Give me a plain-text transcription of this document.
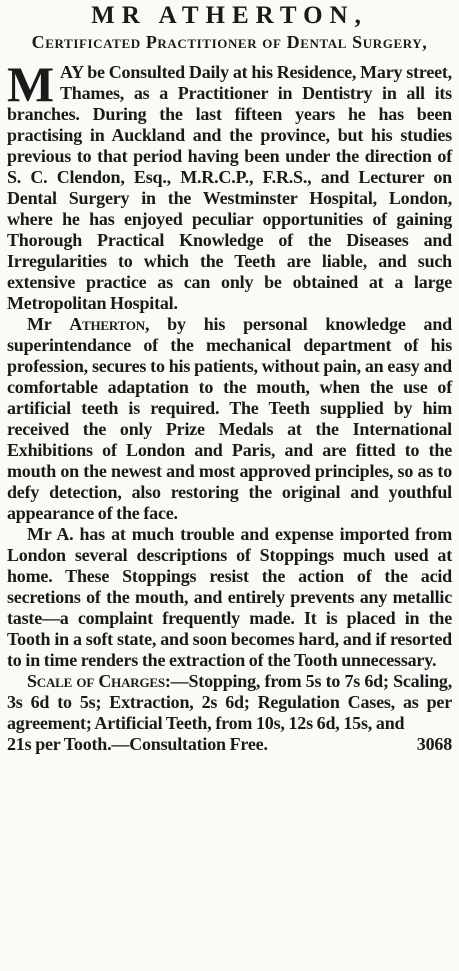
MR ATHERTON,
Certificated Practitioner of Dental Surgery,

MAY be Consulted Daily at his Residence, Mary street, Thames, as a Practitioner in Dentistry in all its branches. During the last fifteen years he has been practising in Auckland and the province, but his studies previous to that period having been under the direction of S. C. Clendon, Esq., M.R.C.P., F.R.S., and Lecturer on Dental Surgery in the Westminster Hospital, London, where he has enjoyed peculiar opportunities of gaining Thorough Practical Knowledge of the Diseases and Irregularities to which the Teeth are liable, and such extensive practice as can only be obtained at a large Metropolitan Hospital.

Mr Atherton, by his personal knowledge and superintendance of the mechanical department of his profession, secures to his patients, without pain, an easy and comfortable adaptation to the mouth, when the use of artificial teeth is required. The Teeth supplied by him received the only Prize Medals at the International Exhibitions of London and Paris, and are fitted to the mouth on the newest and most approved principles, so as to defy detection, also restoring the original and youthful appearance of the face.

Mr A. has at much trouble and expense imported from London several descriptions of Stoppings much used at home. These Stoppings resist the action of the acid secretions of the mouth, and entirely prevents any metallic taste—a complaint frequently made. It is placed in the Tooth in a soft state, and soon becomes hard, and if resorted to in time renders the extraction of the Tooth unnecessary.

Scale of Charges:—Stopping, from 5s to 7s 6d; Scaling, 3s 6d to 5s; Extraction, 2s 6d; Regulation Cases, as per agreement; Artificial Teeth, from 10s, 12s 6d, 15s, and

21s per Tooth.—Consultation Free.	3068
